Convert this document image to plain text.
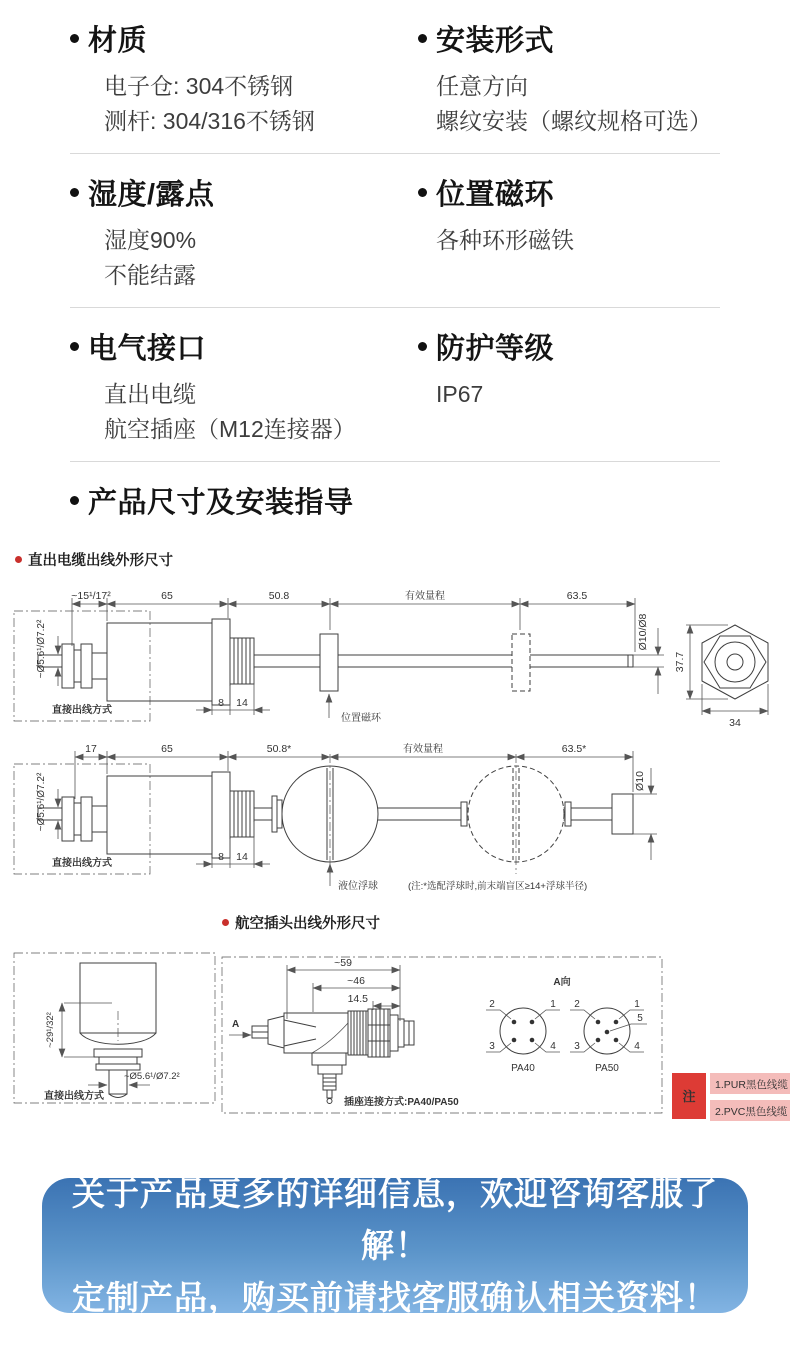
材质

电子仓: 304不锈钢

测杆: 304/316不锈钢

安装形式

任意方向

螺纹安装（螺纹规格可选）

湿度/露点

湿度90%

不能结露

位置磁环

各种环形磁铁

电气接口

直出电缆

航空插座（M12连接器）

防护等级

IP67

产品尺寸及安装指导
直出电缆出线外形尺寸
~15¹/17²	65	50.8	有效量程	63.5
直接出线方式
~Ø5.6¹/Ø7.2²
8 14
位置磁环
Ø10/Ø8
37.7
34
17	65	50.8*	有效量程	63.5*
直接出线方式
~Ø5.6¹/Ø7.2²
8 14
Ø10
液位浮球	(注:*选配浮球时,前末端盲区≥14+浮球半径)
航空插头出线外形尺寸
~29¹/32²
~Ø5.6¹/Ø7.2²
直接出线方式
A
~59
~46
14.5
插座连接方式:PA40/PA50
A向
2	1
3	4
PA40
2	1
5
3	4
PA50
注
1.PUR黑色线缆
2.PVC黑色线缆

关于产品更多的详细信息，欢迎咨询客服了解！

定制产品，购买前请找客服确认相关资料！
